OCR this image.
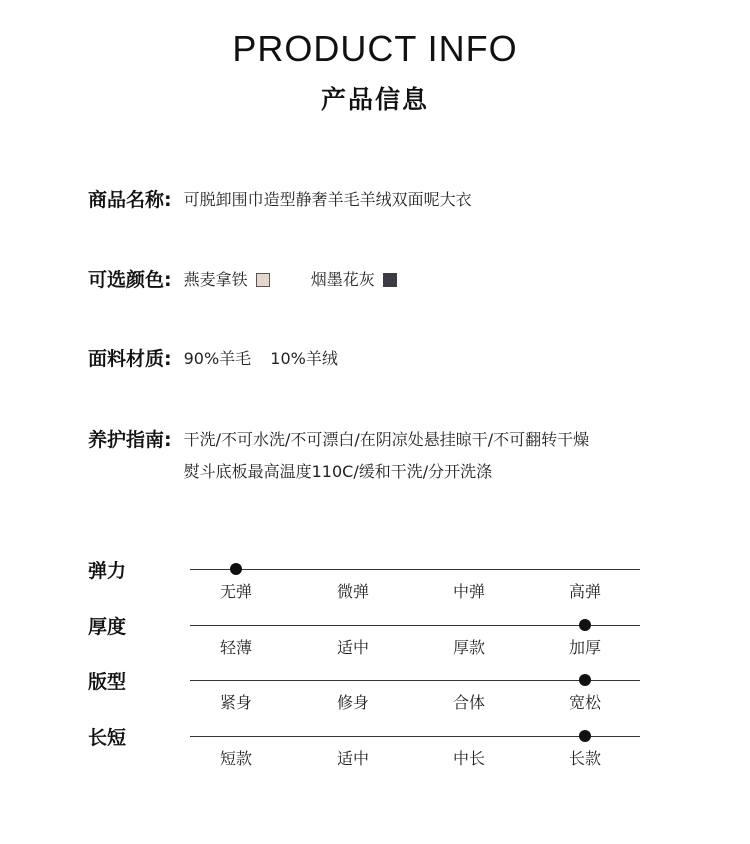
PRODUCT INFO
产品信息
商品名称: 可脱卸围巾造型静奢羊毛羊绒双面呢大衣
可选颜色: 燕麦拿铁
	烟墨花灰
面料材质: 90%羊毛 10%羊绒
养护指南: 干洗/不可水洗/不可漂白/在阴凉处悬挂晾干/不可翻转干燥
熨斗底板最高温度110C/缓和干洗/分开洗涤
弹力
无弹	微弹	中弹	高弹
厚度
轻薄	适中	厚款	加厚
版型
紧身	修身	合体	宽松
长短
短款	适中	中长	长款
